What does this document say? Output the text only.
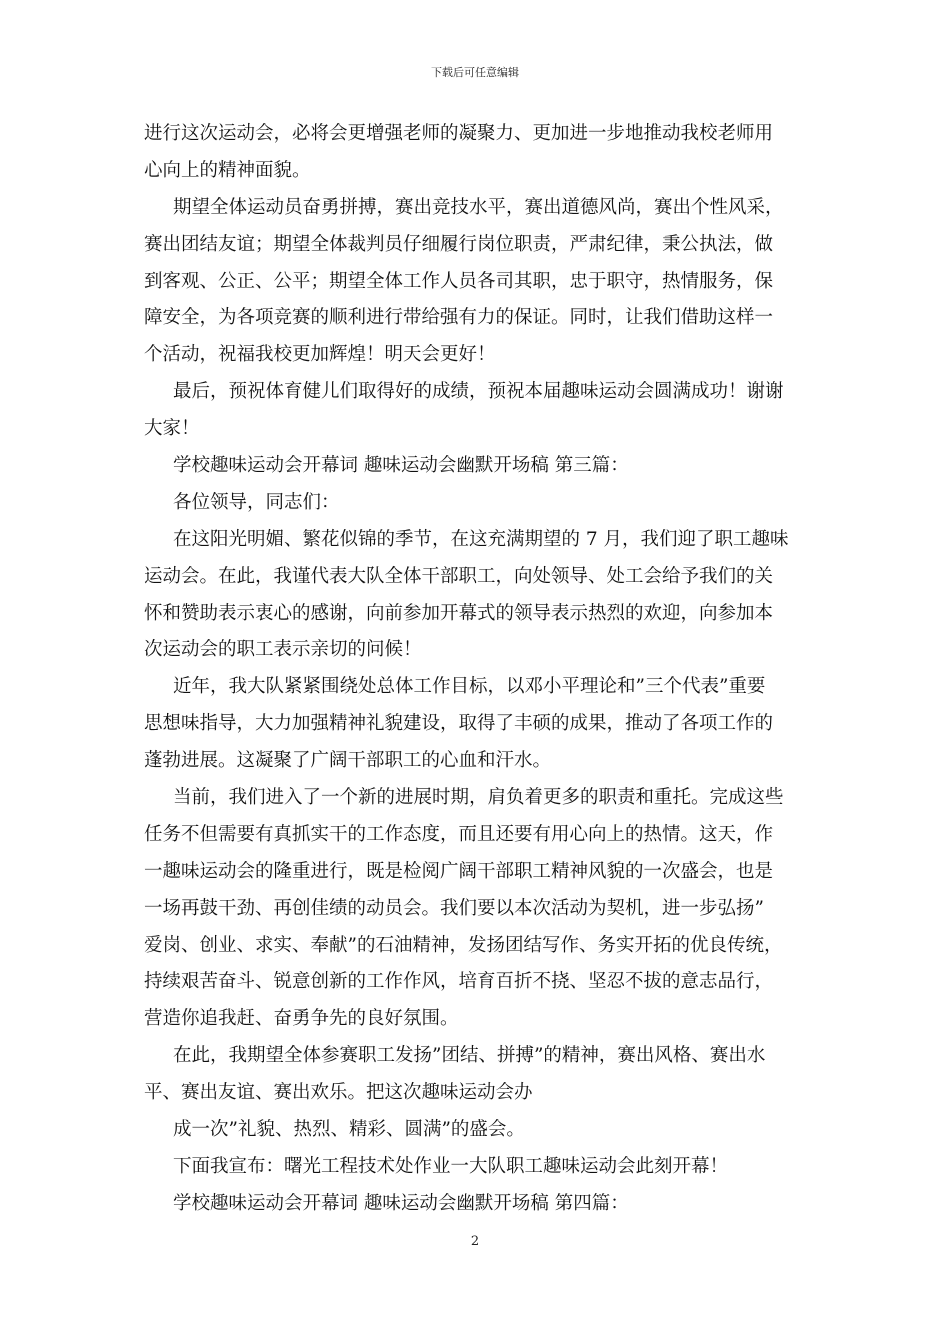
下载后可任意编辑
进行这次运动会，必将会更增强老师的凝聚力、更加进一步地推动我校老师用
心向上的精神面貌。
期望全体运动员奋勇拼搏，赛出竞技水平，赛出道德风尚，赛出个性风采，
赛出团结友谊；期望全体裁判员仔细履行岗位职责，严肃纪律，秉公执法，做
到客观、公正、公平；期望全体工作人员各司其职，忠于职守，热情服务，保
障安全，为各项竞赛的顺利进行带给强有力的保证。同时，让我们借助这样一
个活动，祝福我校更加辉煌！明天会更好！
最后，预祝体育健儿们取得好的成绩，预祝本届趣味运动会圆满成功！谢谢
大家！
学校趣味运动会开幕词 趣味运动会幽默开场稿 第三篇：
各位领导，同志们：
在这阳光明媚、繁花似锦的季节，在这充满期望的 7 月，我们迎了职工趣味
运动会。在此，我谨代表大队全体干部职工，向处领导、处工会给予我们的关
怀和赞助表示衷心的感谢，向前参加开幕式的领导表示热烈的欢迎，向参加本
次运动会的职工表示亲切的问候！
近年，我大队紧紧围绕处总体工作目标，以邓小平理论和”三个代表”重要
思想味指导，大力加强精神礼貌建设，取得了丰硕的成果，推动了各项工作的
蓬勃进展。这凝聚了广阔干部职工的心血和汗水。
当前，我们进入了一个新的进展时期，肩负着更多的职责和重托。完成这些
任务不但需要有真抓实干的工作态度，而且还要有用心向上的热情。这天，作
一趣味运动会的隆重进行，既是检阅广阔干部职工精神风貌的一次盛会，也是
一场再鼓干劲、再创佳绩的动员会。我们要以本次活动为契机，进一步弘扬”
爱岗、创业、求实、奉献”的石油精神，发扬团结写作、务实开拓的优良传统，
持续艰苦奋斗、锐意创新的工作作风，培育百折不挠、坚忍不拔的意志品行，
营造你追我赶、奋勇争先的良好氛围。
在此，我期望全体参赛职工发扬”团结、拼搏”的精神，赛出风格、赛出水
平、赛出友谊、赛出欢乐。把这次趣味运动会办
成一次”礼貌、热烈、精彩、圆满”的盛会。
下面我宣布：曙光工程技术处作业一大队职工趣味运动会此刻开幕！
学校趣味运动会开幕词 趣味运动会幽默开场稿 第四篇：
2
